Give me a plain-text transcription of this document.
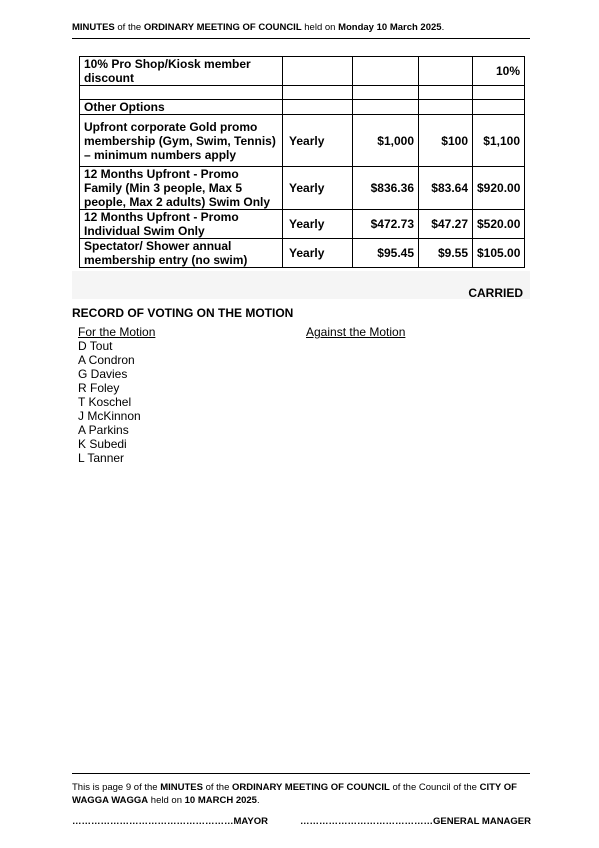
MINUTES of the ORDINARY MEETING OF COUNCIL held on Monday 10 March 2025.
10% Pro Shop/Kiosk member discount				10%

Other Options				
Upfront corporate Gold promo membership (Gym, Swim, Tennis) – minimum numbers apply	Yearly	$1,000	$100	$1,100
12 Months Upfront - Promo Family (Min 3 people, Max 5 people, Max 2 adults) Swim Only	Yearly	$836.36	$83.64	$920.00
12 Months Upfront - Promo Individual Swim Only	Yearly	$472.73	$47.27	$520.00
Spectator/ Shower annual membership entry (no swim)	Yearly	$95.45	$9.55	$105.00
CARRIED
RECORD OF VOTING ON THE MOTION
For the Motion	Against the Motion
D Tout
A Condron
G Davies
R Foley
T Koschel
J McKinnon
A Parkins
K Subedi
L Tanner
This is page 9 of the MINUTES of the ORDINARY MEETING OF COUNCIL of the Council of the CITY OF WAGGA WAGGA held on 10 MARCH 2025.
……………………………………………MAYOR	……………………………………GENERAL MANAGER
